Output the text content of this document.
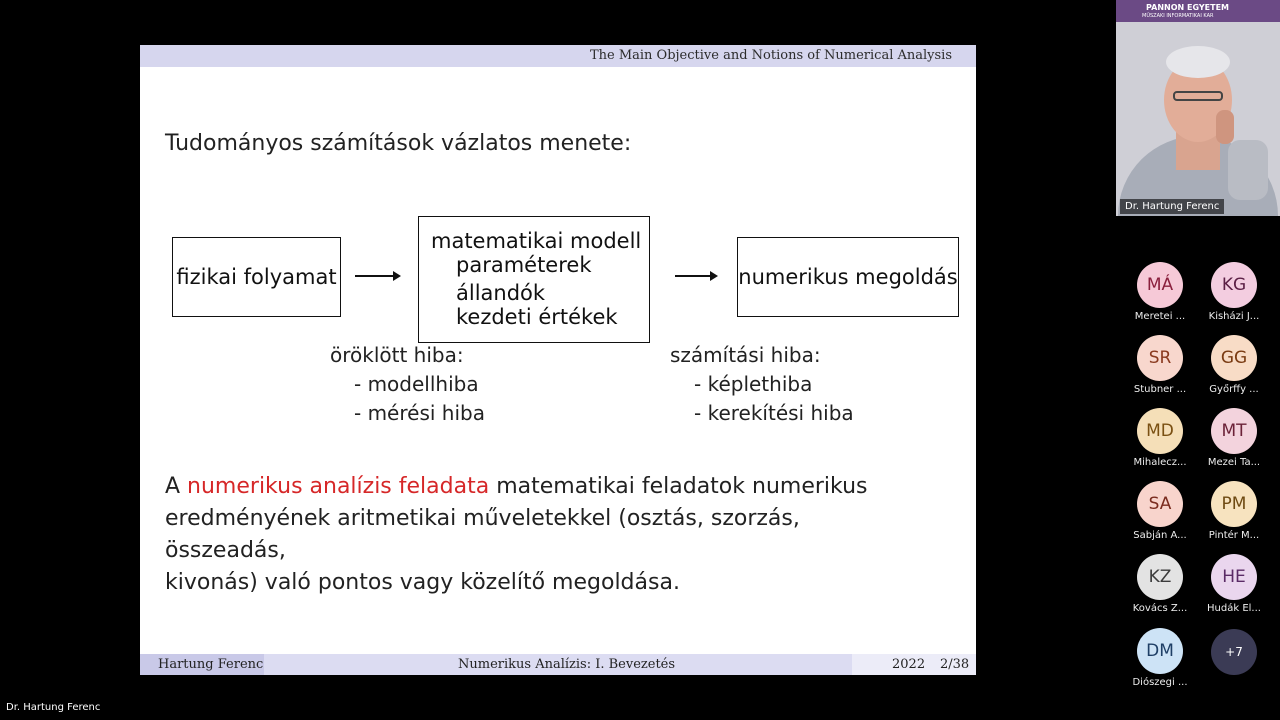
The Main Objective and Notions of Numerical Analysis
Tudományos számítások vázlatos menete:
fizikai folyamat
matematikai modell
paraméterek
állandók
kezdeti értékek
numerikus megoldás
öröklött hiba:
- modellhiba
- mérési hiba
számítási hiba:
- képlethiba
- kerekítési hiba
A numerikus analízis feladata matematikai feladatok numerikus
eredményének aritmetikai műveletekkel (osztás, szorzás, összeadás,
kivonás) való pontos vagy közelítő megoldása.
Hartung Ferenc	Numerikus Analízis: I. Bevezetés	2022 2/38
PANNON EGYETEM
MŰSZAKI INFORMATIKAI KAR
Dr. Hartung Ferenc
MÁ
Meretei ...
KG
Kisházi J...
SR
Stubner ...
GG
Győrffy ...
MD
Mihalecz...
MT
Mezei Ta...
SA
Sabján A...
PM
Pintér M...
KZ
Kovács Z...
HE
Hudák El...
DM
Diószegi ...
+7
Dr. Hartung Ferenc
